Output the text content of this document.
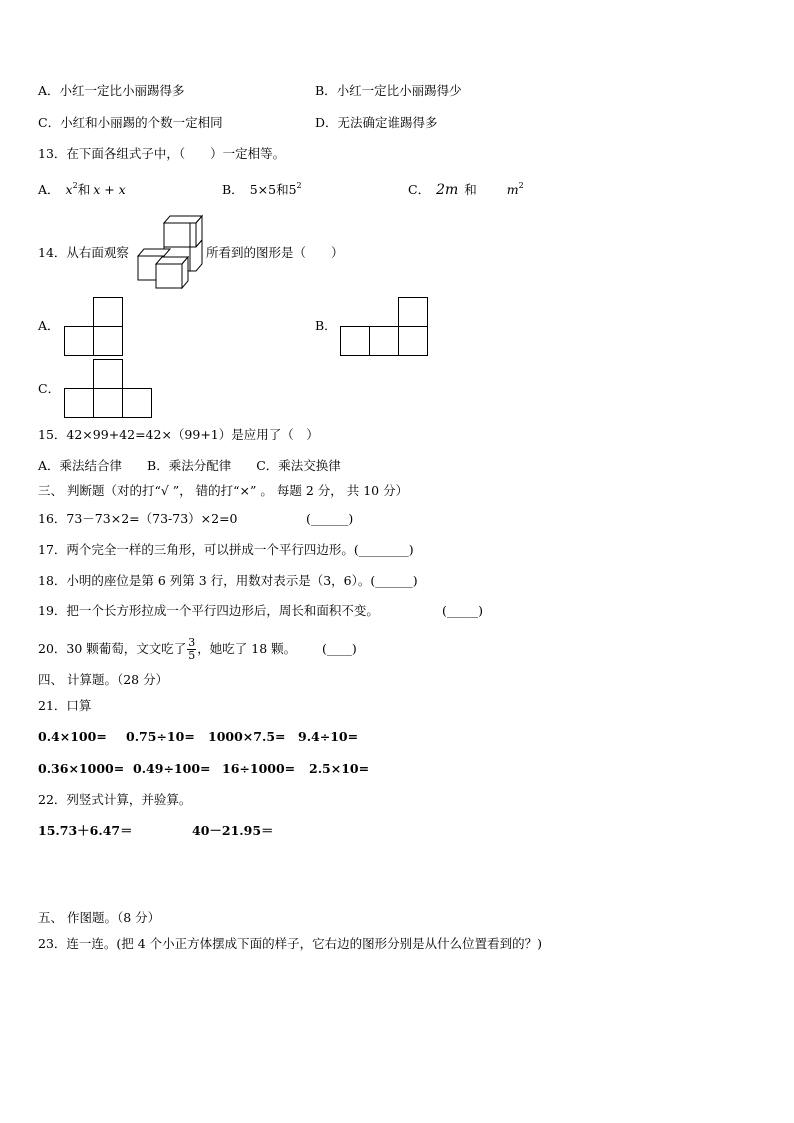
A．小红一定比小丽踢得多	B．小红一定比小丽踢得少
C．小红和小丽踢的个数一定相同	D．无法确定谁踢得多
13．在下面各组式子中，（　　）一定相等。
A． $x^2$和 x + x	B． 5×5和$5^2$	C． 2m 和 $m^2$
14．从右面观察	所看到的图形是（　　）
A．	B．
C．
15．42×99+42=42×（99+1）是应用了（　）
A．乘法结合律　　B．乘法分配律　　C．乘法交换律
三、 判断题（对的打“√ ”， 错的打“×” 。 每题 2 分， 共 10 分）
16．73－73×2=（73-73）×2=0	(______)
17．两个完全一样的三角形，可以拼成一个平行四边形。(________)
18．小明的座位是第 6 列第 3 行，用数对表示是（3，6）。(______)
19．把一个长方形拉成一个平行四边形后，周长和面积不变。	(_____)
20．30 颗葡萄，文文吃了 $\frac{3}{5}$ ，她吃了 18 颗。 (____)
四、 计算题。（28 分）
21．口算
0.4×100= 0.75÷10= 1000×7.5= 9.4÷10=
0.36×1000= 0.49÷100= 16÷1000= 2.5×10=
22．列竖式计算，并验算。
15.73＋6.47＝	40－21.95＝
五、 作图题。（8 分）
23．连一连。(把 4 个小正方体摆成下面的样子，它右边的图形分别是从什么位置看到的？)
